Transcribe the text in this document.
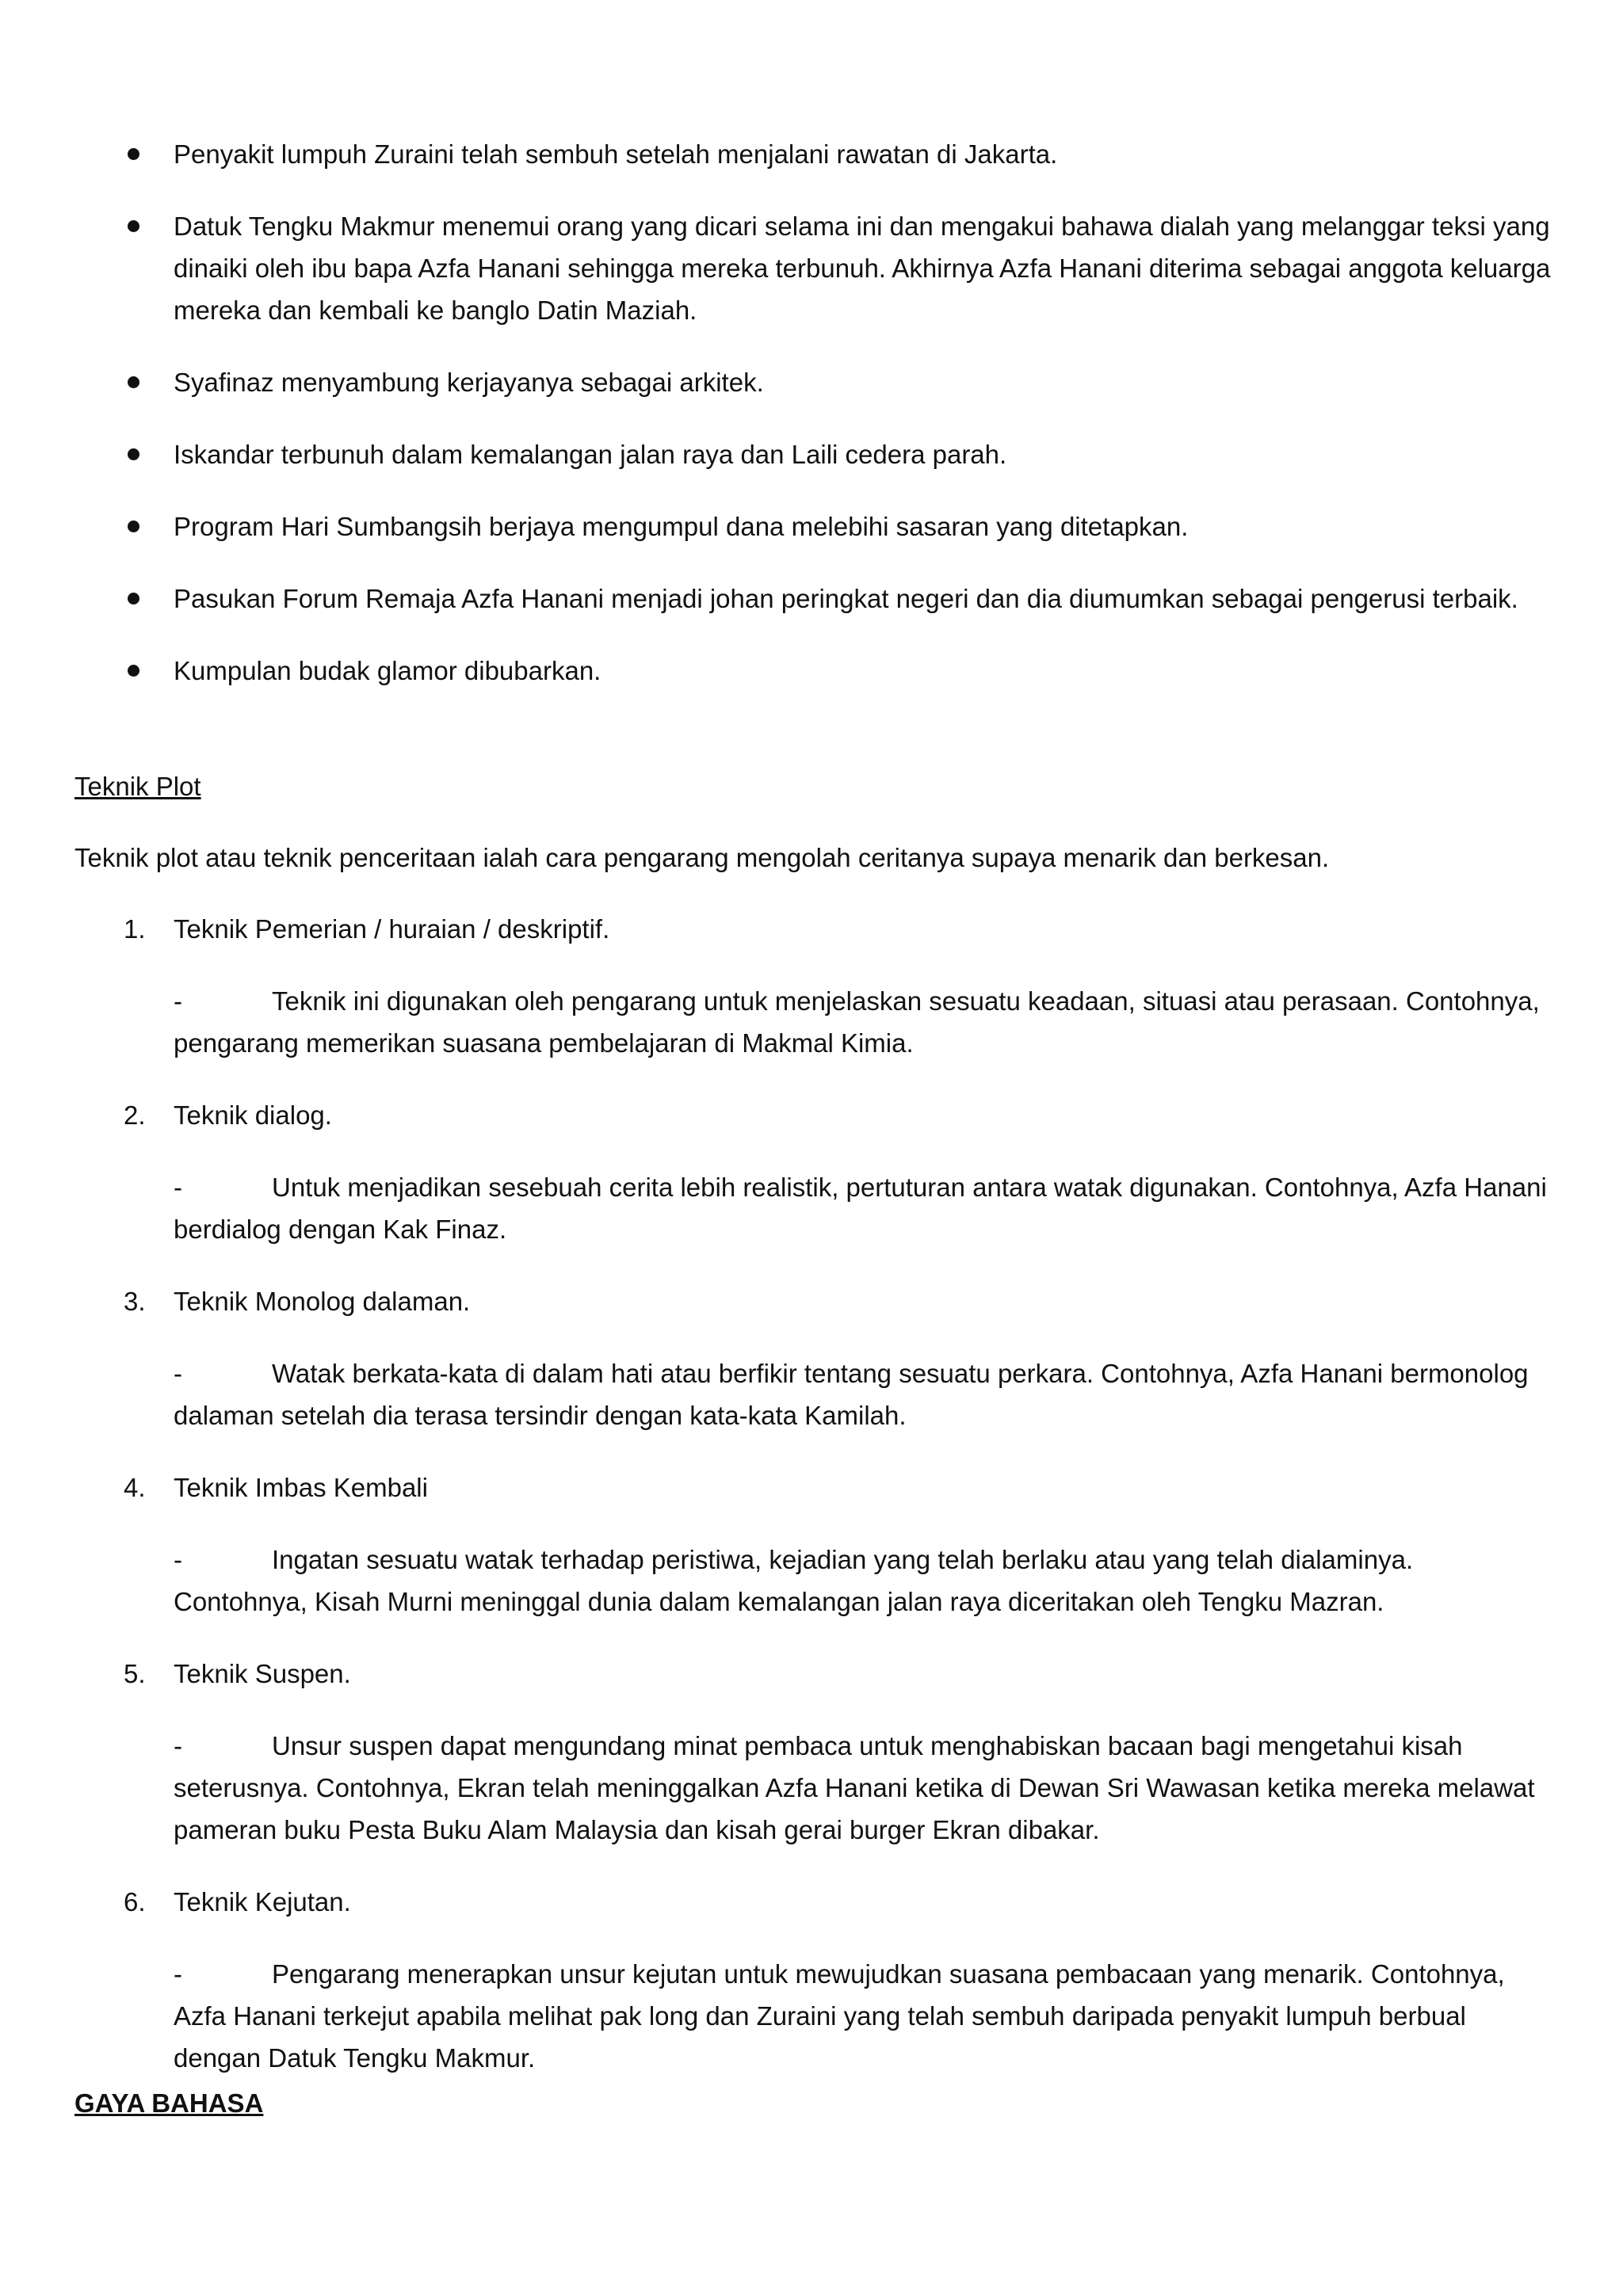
Penyakit lumpuh Zuraini telah sembuh setelah menjalani rawatan di Jakarta.
Datuk Tengku Makmur menemui orang yang dicari selama ini dan mengakui bahawa dialah yang melanggar teksi yang dinaiki oleh ibu bapa Azfa Hanani sehingga mereka terbunuh. Akhirnya Azfa Hanani diterima sebagai anggota keluarga mereka dan kembali ke banglo Datin Maziah.
Syafinaz menyambung kerjayanya sebagai arkitek.
Iskandar terbunuh dalam kemalangan jalan raya dan Laili cedera parah.
Program Hari Sumbangsih berjaya mengumpul dana melebihi sasaran yang ditetapkan.
Pasukan Forum Remaja Azfa Hanani menjadi johan peringkat negeri dan dia diumumkan sebagai pengerusi terbaik.
Kumpulan budak glamor dibubarkan.
Teknik Plot
Teknik plot atau teknik penceritaan ialah cara pengarang mengolah ceritanya supaya menarik dan berkesan.
1. Teknik Pemerian / huraian / deskriptif.
-	Teknik ini digunakan oleh pengarang untuk menjelaskan sesuatu keadaan, situasi atau perasaan. Contohnya, pengarang memerikan suasana pembelajaran di Makmal Kimia.
2. Teknik dialog.
-	Untuk menjadikan sesebuah cerita lebih realistik, pertuturan antara watak digunakan. Contohnya, Azfa Hanani berdialog dengan Kak Finaz.
3. Teknik Monolog dalaman.
-	Watak berkata-kata di dalam hati atau berfikir tentang sesuatu perkara. Contohnya, Azfa Hanani bermonolog dalaman setelah dia terasa tersindir dengan kata-kata Kamilah.
4. Teknik Imbas Kembali
-	Ingatan sesuatu watak terhadap peristiwa, kejadian yang telah berlaku atau yang telah dialaminya. Contohnya, Kisah Murni meninggal dunia dalam kemalangan jalan raya diceritakan oleh Tengku Mazran.
5. Teknik Suspen.
-	Unsur suspen dapat mengundang minat pembaca untuk menghabiskan bacaan bagi mengetahui kisah seterusnya. Contohnya, Ekran telah meninggalkan Azfa Hanani ketika di Dewan Sri Wawasan ketika mereka melawat pameran buku Pesta Buku Alam Malaysia dan kisah gerai burger Ekran dibakar.
6. Teknik Kejutan.
-	Pengarang menerapkan unsur kejutan untuk mewujudkan suasana pembacaan yang menarik. Contohnya, Azfa Hanani terkejut apabila melihat pak long dan Zuraini yang telah sembuh daripada penyakit lumpuh berbual dengan Datuk Tengku Makmur.
GAYA BAHASA
